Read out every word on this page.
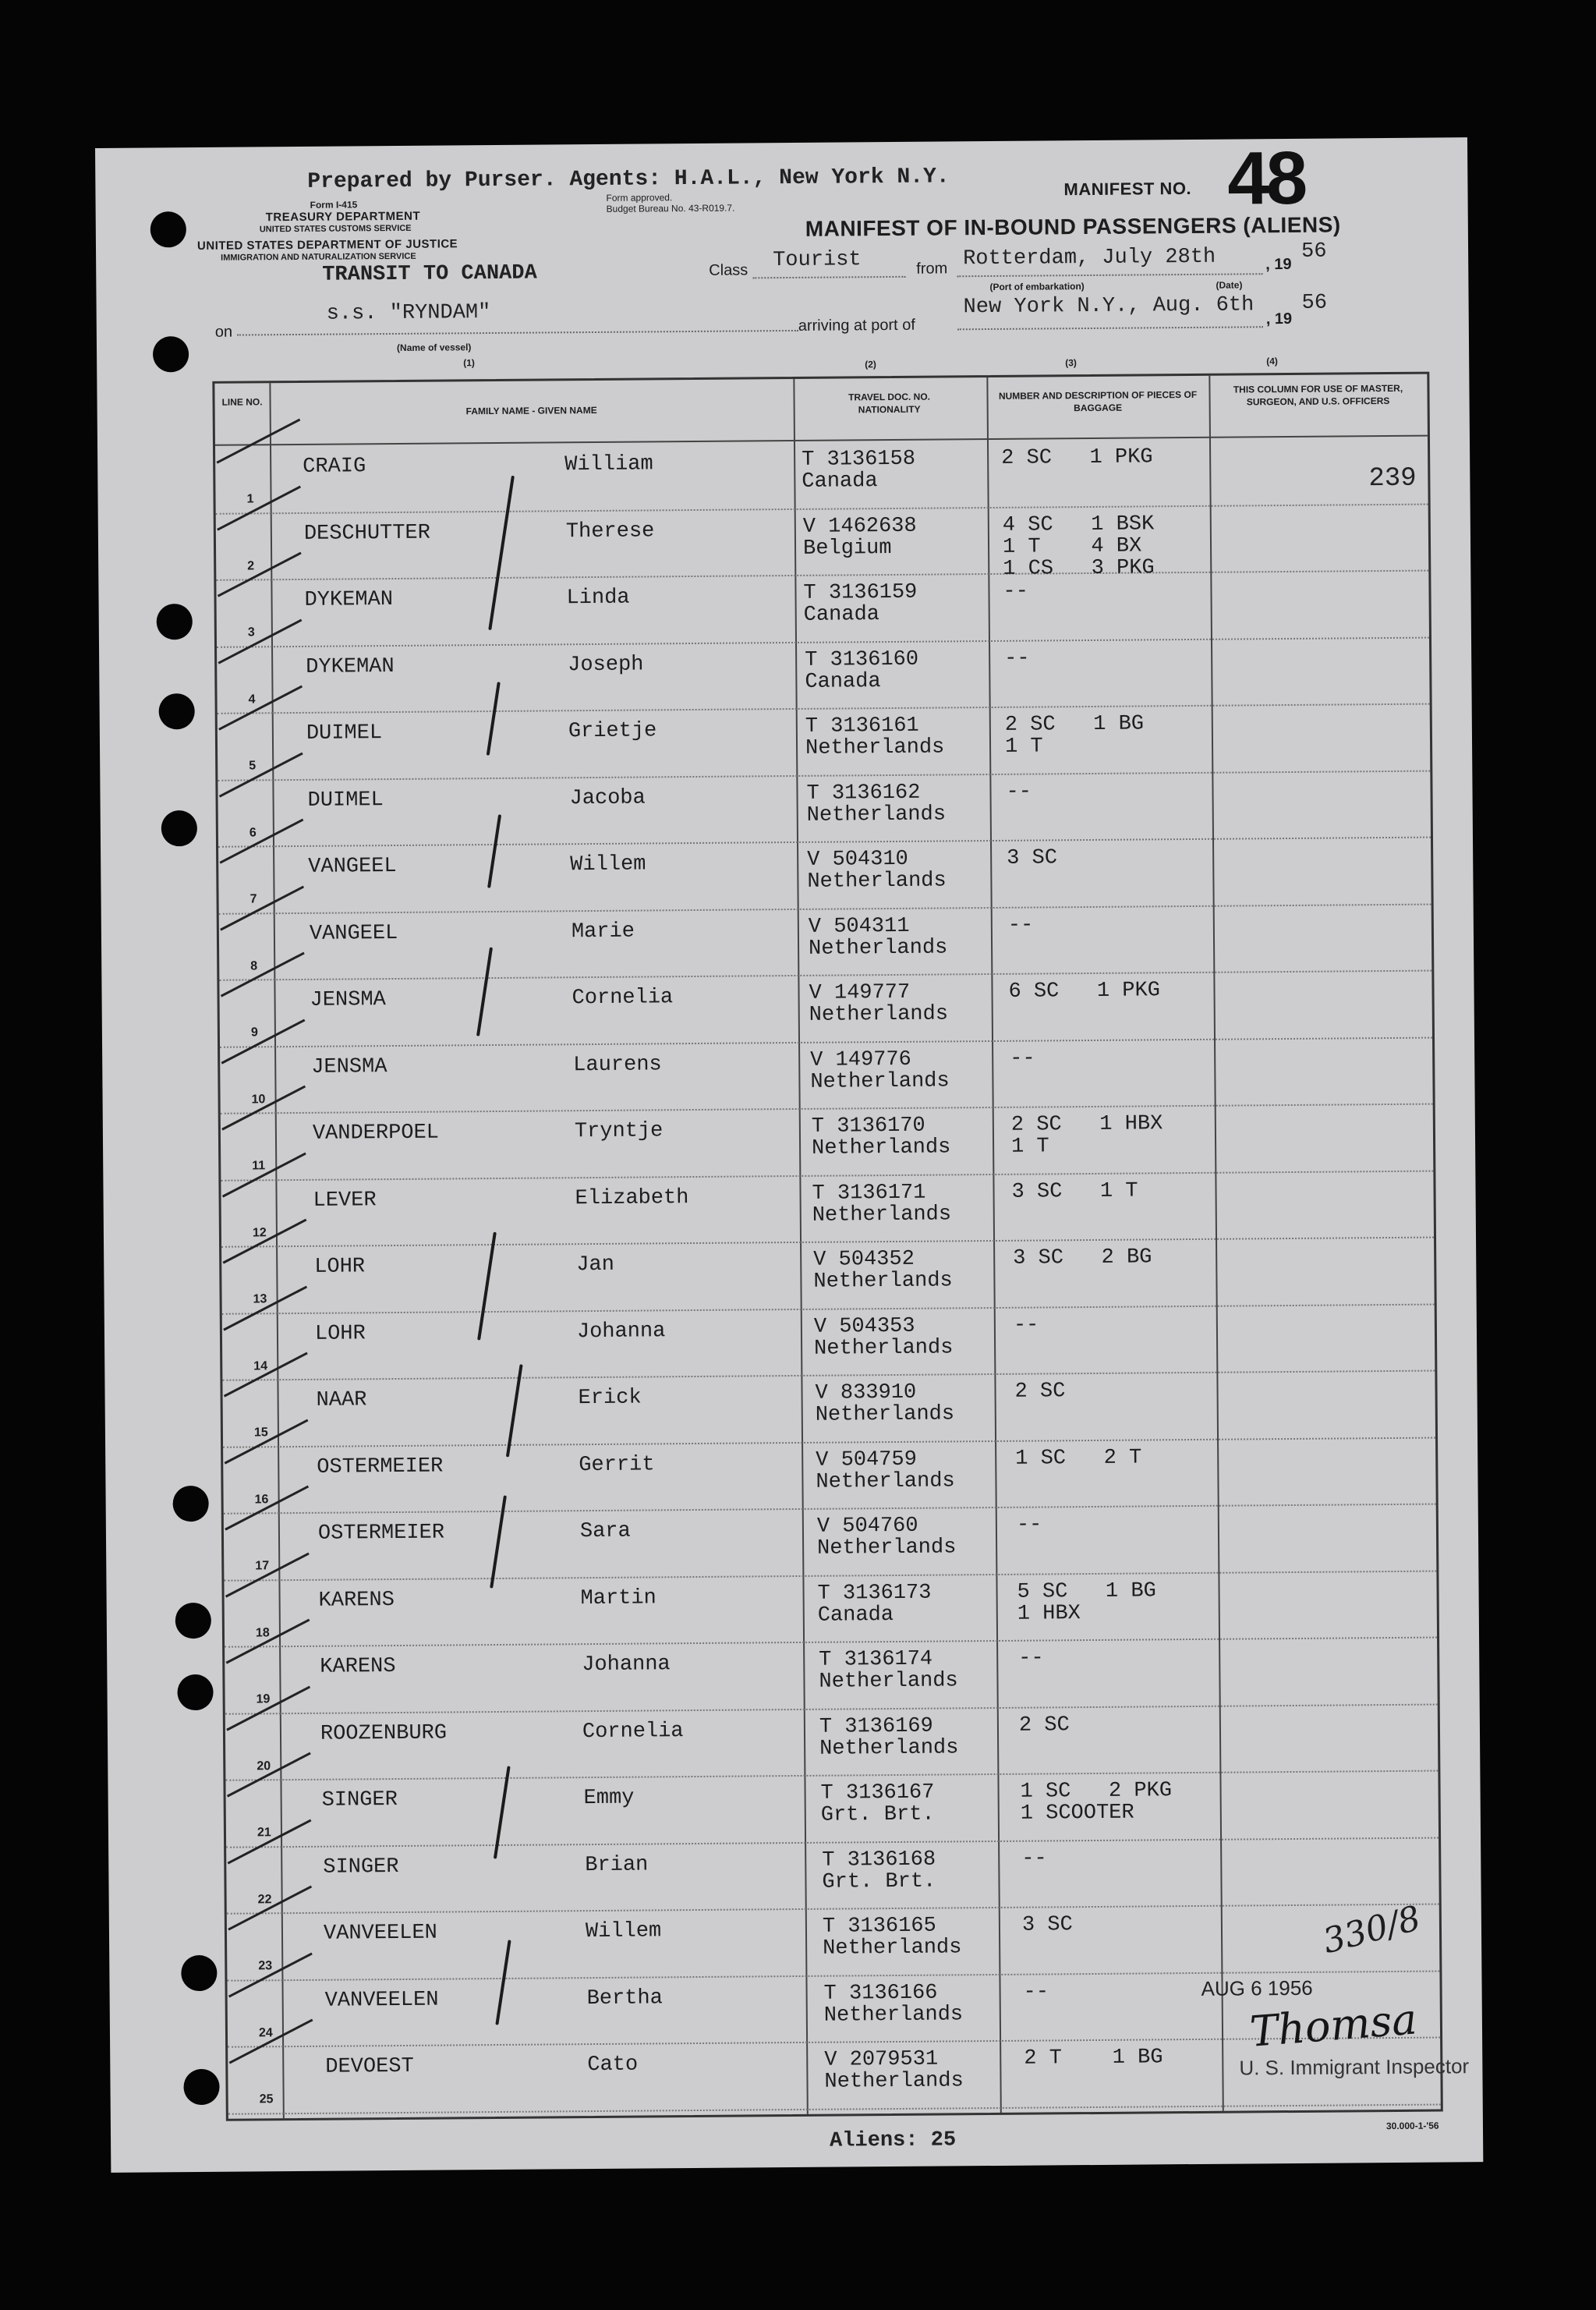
Prepared by Purser. Agents: H.A.L., New York N.Y.
Form I-415
Form approved.
Budget Bureau No. 43-R019.7.
TREASURY DEPARTMENT
UNITED STATES CUSTOMS SERVICE
UNITED STATES DEPARTMENT OF JUSTICE
IMMIGRATION AND NATURALIZATION SERVICE
MANIFEST NO. 48
MANIFEST OF IN-BOUND PASSENGERS (ALIENS)
TRANSIT TO CANADA	Class Tourist	from Rotterdam, July 28th	, 19
56
(Port of embarkation)	(Date)
on
s.s. "RYNDAM"
(Name of vessel)
arriving at port of
New York N.Y., Aug. 6th , 19
56
(1)	(2)	(3)	(4)
LINE NO.
FAMILY NAME - GIVEN NAME
TRAVEL DOC. NO. NATIONALITY
NUMBER AND DESCRIPTION OF PIECES OF BAGGAGE
THIS COLUMN FOR USE OF MASTER, SURGEON, AND U.S. OFFICERS
1
CRAIG	William	T 3136158
Canada
2 SC   1 PKG
2
DESCHUTTER	Therese	V 1462638
Belgium
4 SC   1 BSK
1 T    4 BX
1 CS   3 PKG
3
DYKEMAN	Linda	T 3136159
Canada
--
4
DYKEMAN	Joseph	T 3136160
Canada
--
5
DUIMEL	Grietje	T 3136161
Netherlands
2 SC   1 BG
1 T
6
DUIMEL	Jacoba	T 3136162
Netherlands
--
7
VANGEEL	Willem	V 504310
Netherlands
3 SC
8
VANGEEL	Marie	V 504311
Netherlands
--
9
JENSMA	Cornelia	V 149777
Netherlands
6 SC   1 PKG
10
JENSMA	Laurens	V 149776
Netherlands
--
11
VANDERPOEL	Tryntje	T 3136170
Netherlands
2 SC   1 HBX
1 T
12
LEVER	Elizabeth	T 3136171
Netherlands
3 SC   1 T
13
LOHR	Jan	V 504352
Netherlands
3 SC   2 BG
14
LOHR	Johanna	V 504353
Netherlands
--
15
NAAR	Erick	V 833910
Netherlands
2 SC
16
OSTERMEIER	Gerrit	V 504759
Netherlands
1 SC   2 T
17
OSTERMEIER	Sara	V 504760
Netherlands
--
18
KARENS	Martin	T 3136173
Canada
5 SC   1 BG
1 HBX
19
KARENS	Johanna	T 3136174
Netherlands
--
20
ROOZENBURG	Cornelia	T 3136169
Netherlands
2 SC
21
SINGER	Emmy	T 3136167
Grt. Brt.
1 SC   2 PKG
1 SCOOTER
22
SINGER	Brian	T 3136168
Grt. Brt.
--
23
VANVEELEN	Willem	T 3136165
Netherlands
3 SC
24
VANVEELEN	Bertha	T 3136166
Netherlands
--
25
DEVOEST	Cato	V 2079531
Netherlands
2 T    1 BG
239
330/8
AUG 6 1956
Thomsa
U. S. Immigrant Inspector
Aliens: 25
30.000-1-'56
